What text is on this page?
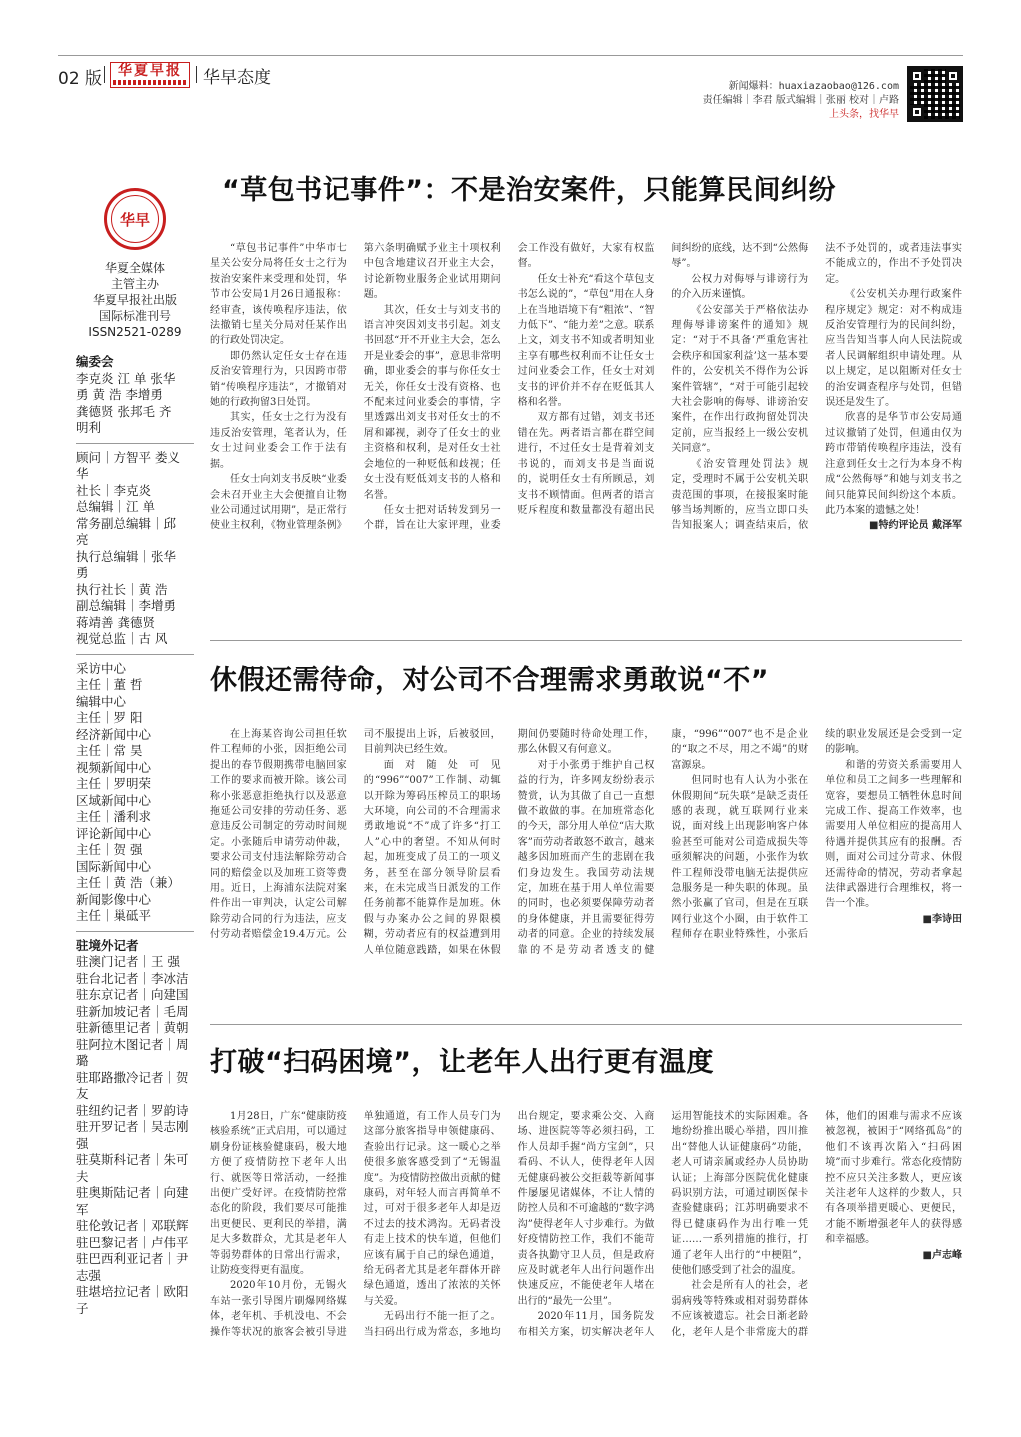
02 版	华夏早报	华早态度	新闻爆料：huaxiazaobao@126.com
责任编辑｜李君 版式编辑｜张丽 校对｜卢路
上头条，找华早
华早
华夏全媒体
主管主办
华夏早报社出版
国际标准刊号
ISSN2521-0289
编委会
李克炎 江 单 张华
勇 黄 浩 李增勇
龚德贤 张邦毛 齐
明利
顾问｜方智平 娄义
华
社长｜李克炎
总编辑｜江 单
常务副总编辑｜邱
亮
执行总编辑｜张华
勇
执行社长｜黄 浩
副总编辑｜李增勇
蒋靖善 龚德贤
视觉总监｜古 风
采访中心
主任｜董 哲
编辑中心
主任｜罗 阳
经济新闻中心
主任｜常 昊
视频新闻中心
主任｜罗明荣
区域新闻中心
主任｜潘利求
评论新闻中心
主任｜贺 强
国际新闻中心
主任｜黄 浩（兼）
新闻影像中心
主任｜巢砥平
驻境外记者
驻澳门记者｜王 强
驻台北记者｜李冰洁
驻东京记者｜向建国
驻新加坡记者｜毛周
驻新德里记者｜黄朝
驻阿拉木图记者｜周
璐
驻耶路撒冷记者｜贺
友
驻纽约记者｜罗韵诗
驻开罗记者｜吴志刚
强
驻莫斯科记者｜朱可
夫
驻奥斯陆记者｜向建
军
驻伦敦记者｜邓联辉
驻巴黎记者｜卢伟平
驻巴西利亚记者｜尹
志强
驻堪培拉记者｜欧阳
子
“草包书记事件”：不是治安案件，只能算民间纠纷

“草包书记事件”中华市七星关公安分局将任女士之行为按治安案件来受理和处罚，华节市公安局1月26日通报称：经审查，该传唤程序违法，依法撤销七星关分局对任某作出的行政处罚决定。

即仍然认定任女士存在违反治安管理行为，只因跨市带销“传唤程序违法”，才撤销对她的行政拘留3日处罚。

其实，任女士之行为没有违反治安管理，笔者认为，任女士过问业委会工作于法有据。

任女士向刘支书反映“业委会未召开业主大会便擅自让物业公司通过试用期”，是正常行使业主权利，《物业管理条例》第六条明确赋予业主十项权利中包含地建议召开业主大会，讨论新物业服务企业试用期问题。

其次，任女士与刘支书的语言冲突因刘支书引起。刘支书回怼“开不开业主大会，怎么开是业委会的事”，意思非常明确，即业委会的事与你任女士无关，你任女士没有资格、也不配来过问业委会的事情，字里透露出刘支书对任女士的不屑和鄙视，剥夺了任女士的业主资格和权利，是对任女士社会地位的一种贬低和歧视；任女士没有贬低刘支书的人格和名誉。

任女士把对话转发到另一个群，旨在让大家评理，业委会工作没有做好，大家有权监督。

任女士补充“看这个草包支书怎么说的”，“草包”用在人身上在当地语境下有“粗浓”、“智力低下”、“能力差”之意。联系上文，刘支书不知或者明知业主享有哪些权利而不让任女士过问业委会工作，任女士对刘支书的评价并不存在贬低其人格和名誉。

双方都有过错，刘支书还错在先。两者语言都在群空间进行，不过任女士是背着刘支书说的，而刘支书是当面说的，说明任女士有所顾忌，刘支书不顾情面。但两者的语言贬斥程度和数量都没有超出民间纠纷的底线，达不到“公然侮辱”。

公权力对侮辱与诽谤行为的介入历来谨慎。

《公安部关于严格依法办理侮辱诽谤案件的通知》规定：“对于不具备‘严重危害社会秩序和国家利益’这一基本要件的，公安机关不得作为公诉案件管辖”，“对于可能引起较大社会影响的侮辱、诽谤治安案件，在作出行政拘留处罚决定前，应当报经上一级公安机关同意”。

《治安管理处罚法》规定，受理时不属于公安机关职责范围的事项，在接报案时能够当场判断的，应当立即口头告知报案人；调查结束后，依法不予处罚的，或者违法事实不能成立的，作出不予处罚决定。

《公安机关办理行政案件程序规定》规定：对不构成违反治安管理行为的民间纠纷，应当告知当事人向人民法院或者人民调解组织申请处理。从以上规定，足以阻断对任女士的治安调查程序与处罚，但错误还是发生了。

欣喜的是华节市公安局通过议撤销了处罚，但通由仅为跨市带销传唤程序违法，没有注意到任女士之行为本身不构成“公然侮辱”和她与刘支书之间只能算民间纠纷这个本质。此乃本案的遗憾之处！

■ 特约评论员 戴泽军

休假还需待命，对公司不合理需求勇敢说“不”

在上海某咨询公司担任软件工程师的小张，因拒绝公司提出的春节假期携带电脑回家工作的要求而被开除。该公司称小张恶意拒绝执行以及恶意拖延公司安排的劳动任务、恶意违反公司制定的劳动时间规定。小张随后申请劳动仲裁，要求公司支付违法解除劳动合同的赔偿金以及加班工资等费用。近日，上海浦东法院对案件作出一审判决，认定公司解除劳动合同的行为违法，应支付劳动者赔偿金19.4万元。公司不服提出上诉，后被驳回，目前判决已经生效。

面对随处可见的“996”“007”工作制、动辄以开除为筹码压榨员工的职场大环境，向公司的不合理需求勇敢地说“不”成了许多“打工人”心中的奢望。不知从何时起，加班变成了员工的一项义务，甚至在部分领导阶层看来，在未完成当日派发的工作任务前都不能算作是加班。休假与办案办公之间的界限模糊，劳动者应有的权益遭到用人单位随意践踏，如果在休假期间仍要随时待命处理工作，那么休假又有何意义。

对于小张勇于维护自己权益的行为，许多网友纷纷表示赞赏，认为其做了自己一直想做不敢做的事。在加班常态化的今天，部分用人单位“店大欺客”而劳动者敢怒不敢言，越来越多因加班而产生的悲剧在我们身边发生。我国劳动法规定，加班在基于用人单位需要的同时，也必须要保障劳动者的身体健康，并且需要征得劳动者的同意。企业的持续发展靠的不是劳动者透支的健康，“996”“007”也不是企业的“取之不尽，用之不竭”的财富源泉。

但同时也有人认为小张在休假期间“玩失联”是缺乏责任感的表现，就互联网行业来说，面对线上出现影响客户体验甚至可能对公司造成损失等亟须解决的问题，小张作为软件工程师没带电脑无法提供应急服务是一种失职的体现。虽然小张赢了官司，但是在互联网行业这个小圈，由于软件工程师存在职业特殊性，小张后续的职业发展还是会受到一定的影响。

和谐的劳资关系需要用人单位和员工之间多一些理解和宽容，要想员工牺牲休息时间完成工作、提高工作效率，也需要用人单位相应的提高用人待遇并提供其应有的报酬。否则，面对公司过分苛求、休假还需待命的情况，劳动者拿起法律武器进行合理维权，将一告一个准。

■ 李诗田

打破“扫码困境”，让老年人出行更有温度

1月28日，广东“健康防疫核验系统”正式启用，可以通过刷身份证核验健康码，极大地方便了疫情防控下老年人出行、就医等日常活动，一经推出便广受好评。在疫情防控常态化的阶段，我们要尽可能推出更便民、更利民的举措，满足大多数群众，尤其是老年人等弱势群体的日常出行需求，让防疫变得更有温度。

2020年10月份，无锡火车站一张引导图片刷爆网络媒体，老年机、手机没电、不会操作等状况的旅客会被引导进单独通道，有工作人员专门为这部分旅客指导申领健康码、查验出行记录。这一暖心之举使很多旅客感受到了“无锡温度”。为疫情防控做出贡献的健康码，对年轻人而言再简单不过，可对于很多老年人却是迈不过去的技术鸿沟。无码者没有走上技术的快车道，但他们应该有属于自己的绿色通道，给无码者尤其是老年群体开辟绿色通道，透出了浓浓的关怀与关爱。

无码出行不能一拒了之。当扫码出行成为常态，多地均出台规定，要求乘公交、入商场、进医院等等必须扫码，工作人员却手握“尚方宝剑”，只看码、不认人，使得老年人因无健康码被公交拒载等新闻事件屡屡见诸媒体，不让人情的防控人员和不可逾越的“数字鸿沟”使得老年人寸步难行。为做好疫情防控工作，我们不能苛责各执勤守卫人员，但是政府应及时就老年人出行问题作出快速反应，不能使老年人堵在出行的“最先一公里”。

2020年11月，国务院发布相关方案，切实解决老年人运用智能技术的实际困难。各地纷纷推出暖心举措，四川推出“替他人认证健康码”功能，老人可请亲属或经办人员协助认证；上海部分医院优化健康码识别方法，可通过刷医保卡查验健康码；江苏明确要求不得已健康码作为出行唯一凭证……一系列措施的推行，打通了老年人出行的“中梗阻”，使他们感受到了社会的温度。

社会是所有人的社会，老弱病残等特殊或相对弱势群体不应该被遗忘。社会日渐老龄化，老年人是个非常庞大的群体，他们的困难与需求不应该被忽视，被困于“网络孤岛”的他们不该再次陷入“扫码困境”而寸步难行。常态化疫情防控不应只关注多数人，更应该关注老年人这样的少数人，只有各项举措更暖心、更便民，才能不断增强老年人的获得感和幸福感。

■ 卢志峰
